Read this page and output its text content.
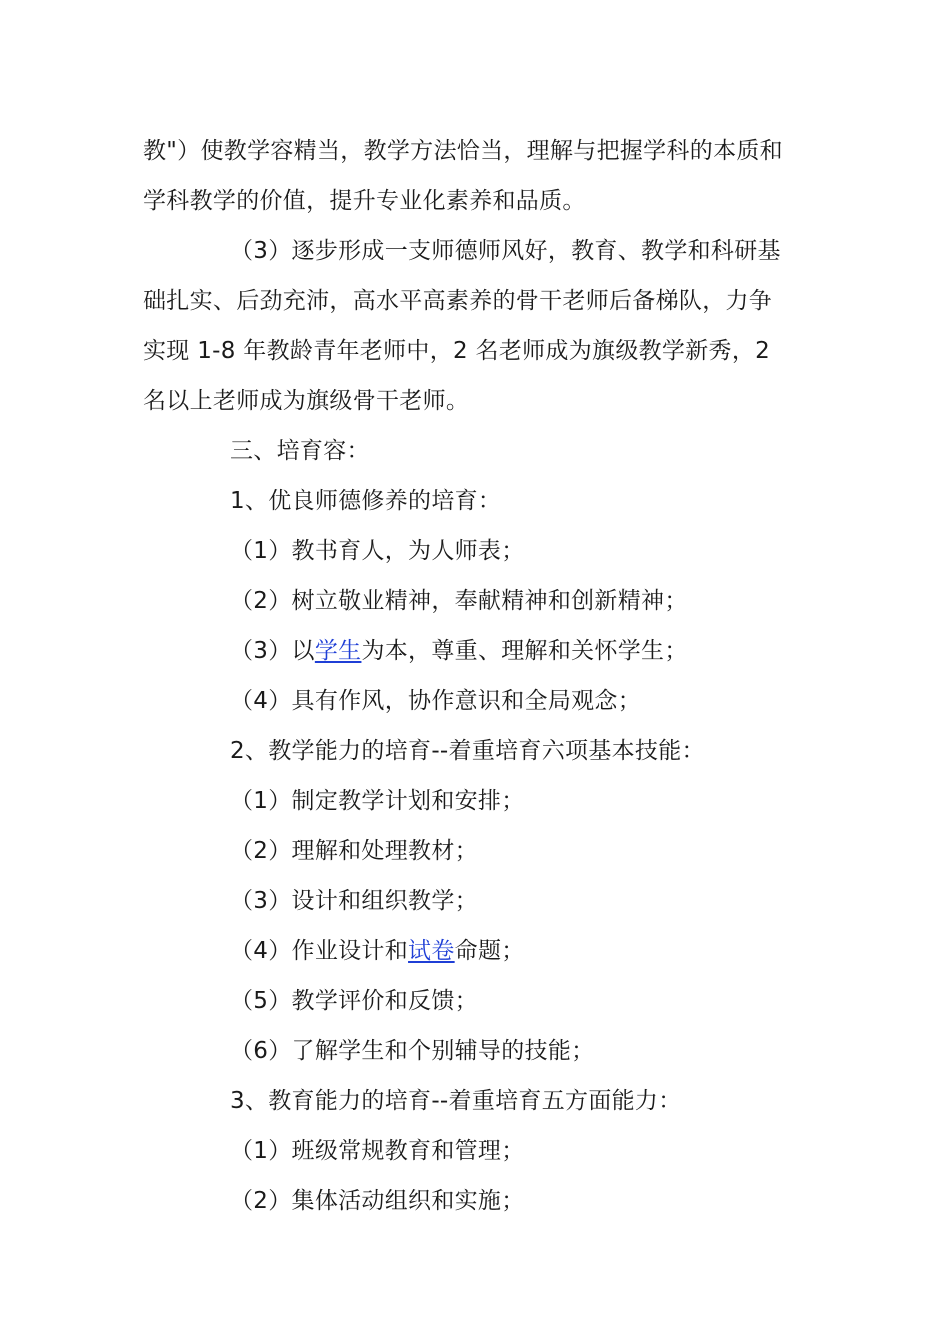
教"）使教学容精当，教学方法恰当，理解与把握学科的本质和
学科教学的价值，提升专业化素养和品质。
（3）逐步形成一支师德师风好，教育、教学和科研基
础扎实、后劲充沛，高水平高素养的骨干老师后备梯队，力争
实现 1-8 年教龄青年老师中，2 名老师成为旗级教学新秀，2
名以上老师成为旗级骨干老师。
三、培育容：
1、优良师德修养的培育：
（1）教书育人，为人师表；
（2）树立敬业精神，奉献精神和创新精神；
（3）以学生为本，尊重、理解和关怀学生；
（4）具有作风，协作意识和全局观念；
2、教学能力的培育--着重培育六项基本技能：
（1）制定教学计划和安排；
（2）理解和处理教材；
（3）设计和组织教学；
（4）作业设计和试卷命题；
（5）教学评价和反馈；
（6）了解学生和个别辅导的技能；
3、教育能力的培育--着重培育五方面能力：
（1）班级常规教育和管理；
（2）集体活动组织和实施；
